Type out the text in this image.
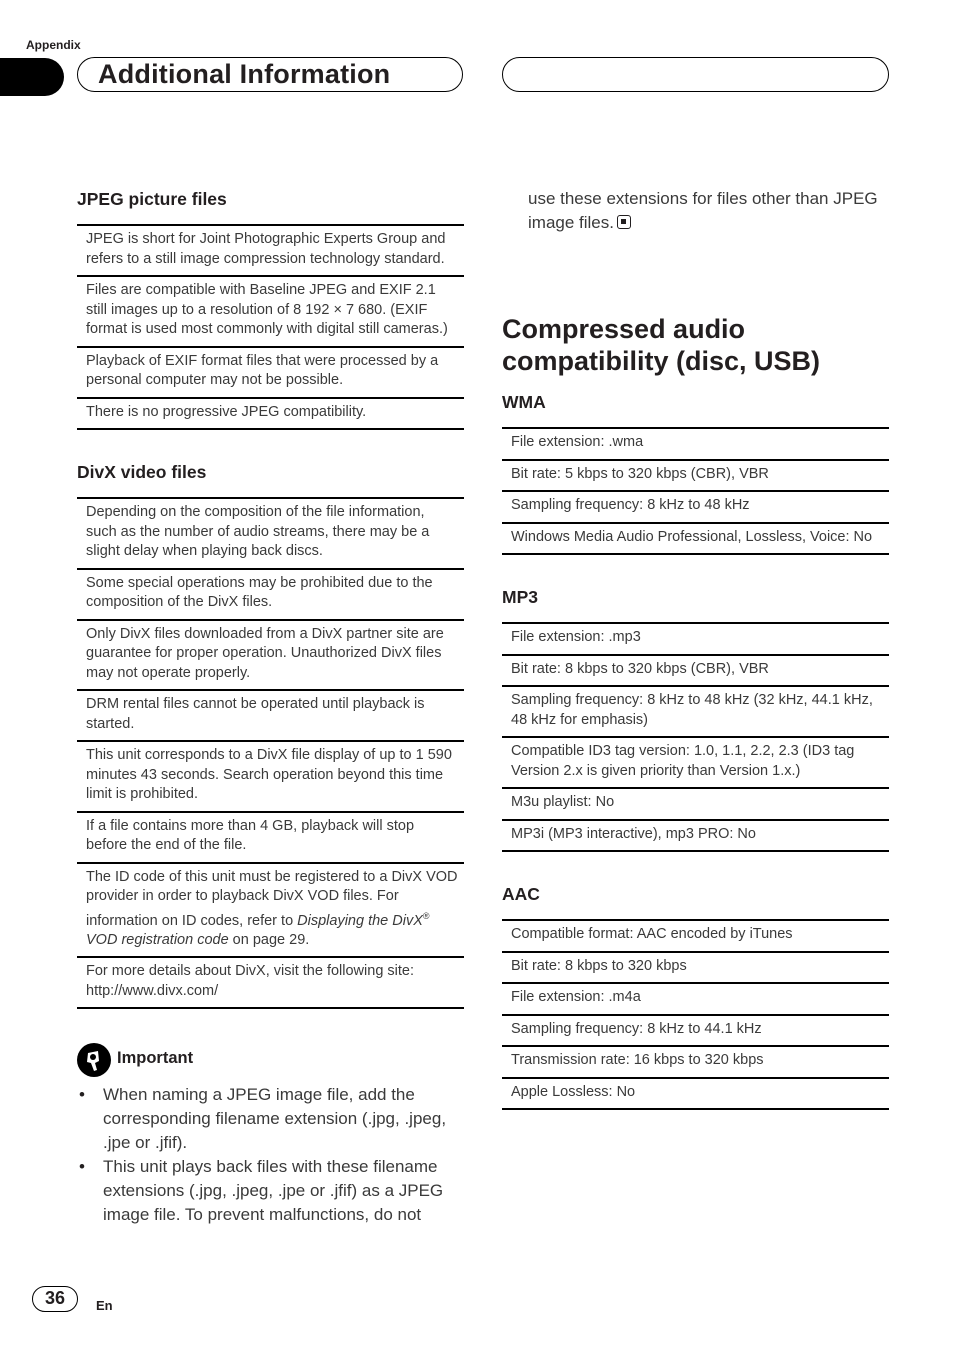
Appendix
Additional Information
JPEG picture files
JPEG is short for Joint Photographic Experts Group and refers to a still image compression technology standard.
Files are compatible with Baseline JPEG and EXIF 2.1 still images up to a resolution of 8 192 × 7 680. (EXIF format is used most commonly with digital still cameras.)
Playback of EXIF format files that were processed by a personal computer may not be possible.
There is no progressive JPEG compatibility.
DivX video files
Depending on the composition of the file information, such as the number of audio streams, there may be a slight delay when playing back discs.
Some special operations may be prohibited due to the composition of the DivX files.
Only DivX files downloaded from a DivX partner site are guarantee for proper operation. Unauthorized DivX files may not operate properly.
DRM rental files cannot be operated until playback is started.
This unit corresponds to a DivX file display of up to 1 590 minutes 43 seconds. Search operation beyond this time limit is prohibited.
If a file contains more than 4 GB, playback will stop before the end of the file.
The ID code of this unit must be registered to a DivX VOD provider in order to playback DivX VOD files. For information on ID codes, refer to Displaying the DivX® VOD registration code on page 29.
For more details about DivX, visit the following site: http://www.divx.com/
Important
• When naming a JPEG image file, add the corresponding filename extension (.jpg, .jpeg, .jpe or .jfif).
• This unit plays back files with these filename extensions (.jpg, .jpeg, .jpe or .jfif) as a JPEG image file. To prevent malfunctions, do not

use these extensions for files other than JPEG image files.

Compressed audio compatibility (disc, USB)
WMA
File extension: .wma
Bit rate: 5 kbps to 320 kbps (CBR), VBR
Sampling frequency: 8 kHz to 48 kHz
Windows Media Audio Professional, Lossless, Voice: No
MP3
File extension: .mp3
Bit rate: 8 kbps to 320 kbps (CBR), VBR
Sampling frequency: 8 kHz to 48 kHz (32 kHz, 44.1 kHz, 48 kHz for emphasis)
Compatible ID3 tag version: 1.0, 1.1, 2.2, 2.3 (ID3 tag Version 2.x is given priority than Version 1.x.)
M3u playlist: No
MP3i (MP3 interactive), mp3 PRO: No
AAC
Compatible format: AAC encoded by iTunes
Bit rate: 8 kbps to 320 kbps
File extension: .m4a
Sampling frequency: 8 kHz to 44.1 kHz
Transmission rate: 16 kbps to 320 kbps
Apple Lossless: No
36	En
